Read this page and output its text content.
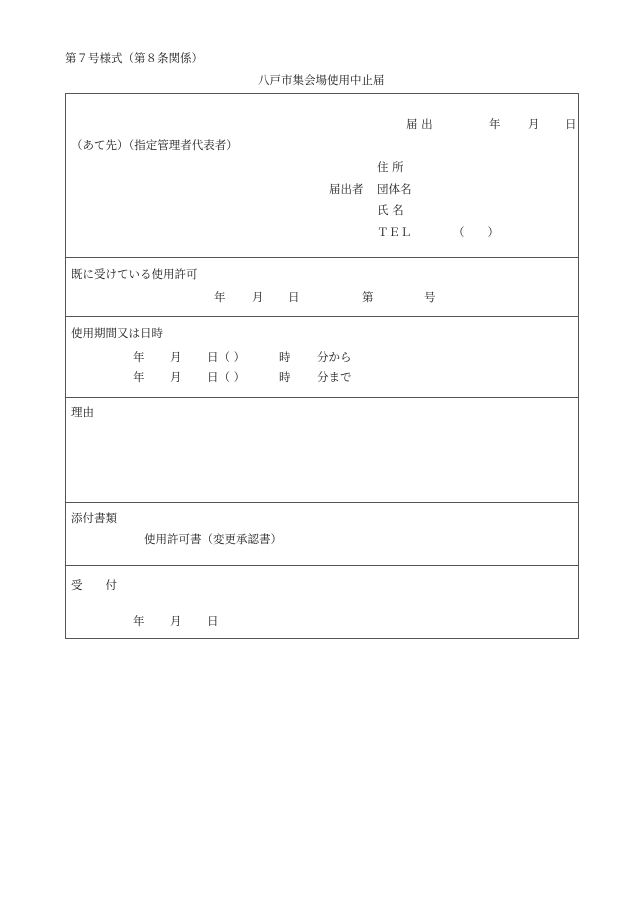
第７号様式（第８条関係）
八戸市集会場使用中止届
届 出	年 月 日
（あて先）（指定管理者代表者）
住 所
届出者 団体名
氏 名
ＴＥＬ	（　　）
既に受けている使用許可
年 月 日	第	号
使用期間又は日時
年 月 日（ ）	時 分から
年 月 日（ ）	時 分まで
理由
添付書類
使用許可書（変更承認書）
受　　付
年 月 日
